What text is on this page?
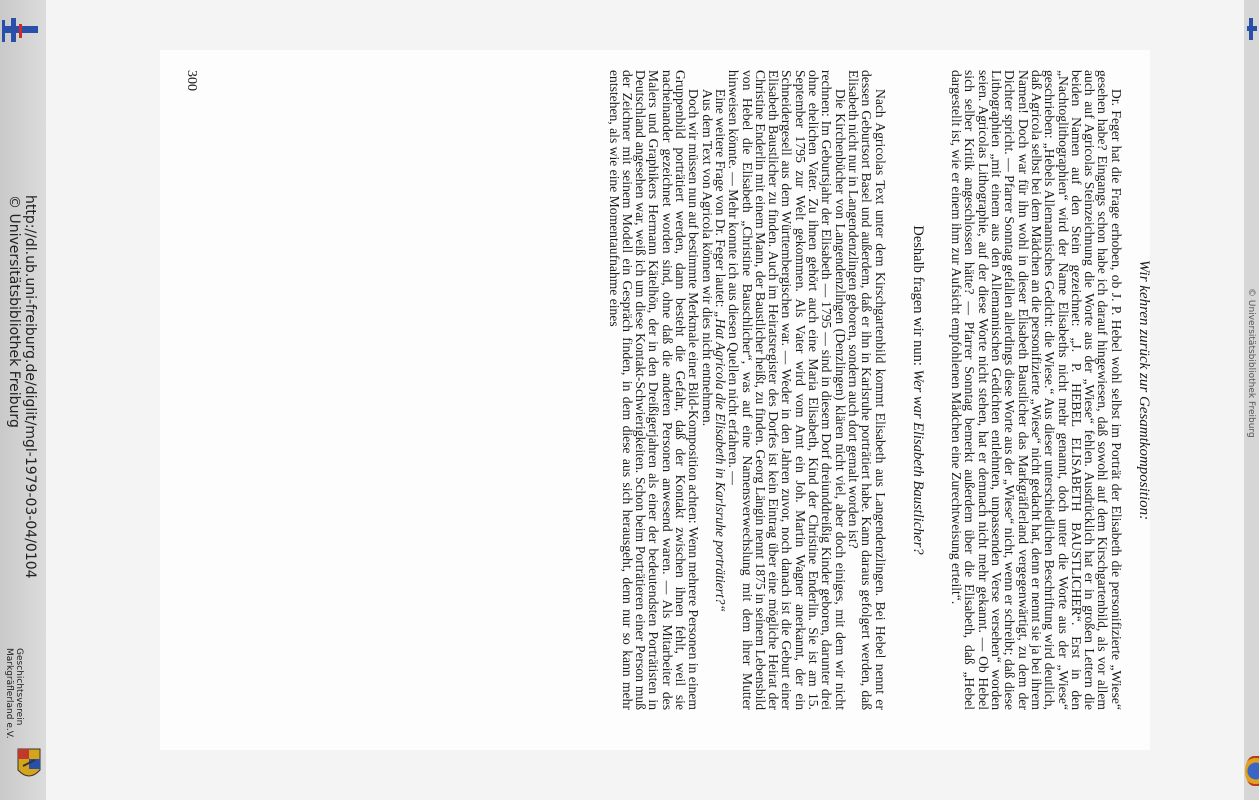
© Universitätsbibliothek Freiburg
http://dl.ub.uni-freiburg.de/diglit/mgl-1979-03-04/0104
© Universitätsbibliothek Freiburg
Geschichtsverein
Markgräflerland e.V.
Wir kehren zurück zur Gesamtkomposition:

Dr. Feger hat die Frage erhoben, ob J. P. Hebel wohl selbst im Porträt der Elisabeth die personifizierte „Wiese“ gesehen habe? Eingangs schon habe ich darauf hingewiesen, daß sowohl auf dem Kirschgartenbild, als vor allem auch auf Agricolas Steinzeichnung die Worte aus der „Wiese“ fehlen. Ausdrücklich hat er in großen Lettern die beiden Namen auf den Stein gezeichnet: „J. P. HEBEL ELISABETH BAUSTLICHER“. Erst in den „Nachtoglithographien“ wird der Name Elisabeths nicht mehr genannt, doch unter die Worte aus der „Wiese“ geschrieben: „Hebels Allemannisches Gedicht: die Wiese.“ Aus dieser unterschiedlichen Beschriftung wird deutlich, daß Agricola selbst bei dem Mädchen an die personifizierte „Wiese“ nicht gedacht hat, denn er nennt sie ja bei ihrem Namen! Doch war für ihn wohl in dieser Elisabeth Baustlicher das Markgräflerland vergegenwärtigt, zu dem der Dichter spricht. — Pfarrer Sonntag gefallen allerdings diese Worte aus der „Wiese“ nicht, wenn er schreibt; daß diese Lithographien „mit einem aus den Allemannischen Gedichten entlehnten, unpassenden Verse versehen“ worden seien. Agricolas Lithographie, auf der diese Worte nicht stehen, hat er demnach nicht mehr gekannt. — Ob Hebel sich selber Kritik angeschlossen hätte? — Pfarrer Sonntag bemerkt außerdem über die Elisabeth, daß „Hebel dargestellt ist, wie er einem ihm zur Aufsicht empfohlenen Mädchen eine Zurechtweisung erteilt“.

Deshalb fragen wir nun: Wer war Elisabeth Baustlicher?

Nach Agricolas Text unter dem Kirschgartenbild kommt Elisabeth aus Langendenzlingen. Bei Hebel nennt er dessen Geburtsort Basel und außerdem, daß er ihn in Karlsruhe porträtiert habe. Kann daraus gefolgert werden, daß Elisabeth nicht nur in Langendenzlingen geboren, sondern auch dort gemalt worden ist?

Die Kirchenbücher von Langendenzlingen (Denzlingen) klären nicht viel, aber doch einiges, mit dem wir nicht rechnen: Im Geburtsjahr der Elisabeth — 1795 — sind in diesem Dorf dreiunddreißig Kinder geboren, darunter drei ohne ehelichen Vater. Zu ihnen gehört auch eine Maria Elisabeth, Kind der Christine Enderlin. Sie ist am 15. September 1795 zur Welt gekommen. Als Vater wird vom Amt ein Joh. Martin Wagner anerkannt, der ein Schneidergesell aus dem Württembergischen war. — Weder in den Jahren zuvor, noch danach ist die Geburt einer Elisabeth Baustlicher zu finden. Auch im Heiratsregister des Dorfes ist kein Eintrag über eine mögliche Heirat der Christine Enderlin mit einem Mann, der Baustlicher heißt, zu finden. Georg Längin nennt 1875 in seinem Lebensbild von Hebel die Elisabeth „Christine Bauschlicher“, was auf eine Namensverwechslung mit dem ihrer Mutter hinweisen könnte. — Mehr konnte ich aus diesen Quellen nicht erfahren. —

Eine weitere Frage von Dr. Feger lautet: „Hat Agricola die Elisabeth in Karlsruhe porträtiert?“

Aus dem Text von Agricola können wir dies nicht entnehmen.

Doch wir müssen nun auf bestimmte Merkmale einer Bild-Komposition achten: Wenn mehrere Personen in einem Gruppenbild porträtiert werden, dann besteht die Gefahr, daß der Kontakt zwischen ihnen fehlt, weil sie nacheinander gezeichnet worden sind, ohne daß die anderen Personen anwesend waren. — Als Mitarbeiter des Malers und Graphikers Hermann Kätelhön, der in den Dreißigerjahren als einer der bedeutendsten Porträtisten in Deutschland angesehen war, weiß ich um diese Kontakt-Schwierigkeiten. Schon beim Porträtieren einer Person muß der Zeichner mit seinem Modell ein Gespräch finden, in dem diese aus sich herausgeht, denn nur so kann mehr entstehen, als wie eine Momentaufnahme eines

300
